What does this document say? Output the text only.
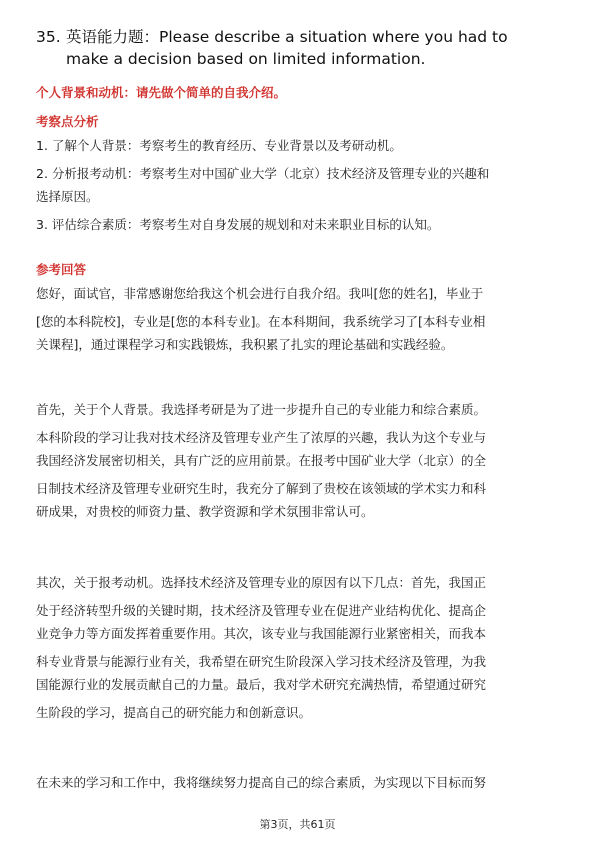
35. 英语能力题：Please describe a situation where you had to
make a decision based on limited information.
个人背景和动机：请先做个简单的自我介绍。
考察点分析
1. 了解个人背景：考察考生的教育经历、专业背景以及考研动机。
2. 分析报考动机：考察考生对中国矿业大学（北京）技术经济及管理专业的兴趣和
选择原因。
3. 评估综合素质：考察考生对自身发展的规划和对未来职业目标的认知。
参考回答
您好，面试官，非常感谢您给我这个机会进行自我介绍。我叫[您的姓名]，毕业于
[您的本科院校]，专业是[您的本科专业]。在本科期间，我系统学习了[本科专业相
关课程]，通过课程学习和实践锻炼，我积累了扎实的理论基础和实践经验。
首先，关于个人背景。我选择考研是为了进一步提升自己的专业能力和综合素质。
本科阶段的学习让我对技术经济及管理专业产生了浓厚的兴趣，我认为这个专业与
我国经济发展密切相关，具有广泛的应用前景。在报考中国矿业大学（北京）的全
日制技术经济及管理专业研究生时，我充分了解到了贵校在该领域的学术实力和科
研成果，对贵校的师资力量、教学资源和学术氛围非常认可。
其次，关于报考动机。选择技术经济及管理专业的原因有以下几点：首先，我国正
处于经济转型升级的关键时期，技术经济及管理专业在促进产业结构优化、提高企
业竞争力等方面发挥着重要作用。其次，该专业与我国能源行业紧密相关，而我本
科专业背景与能源行业有关，我希望在研究生阶段深入学习技术经济及管理，为我
国能源行业的发展贡献自己的力量。最后，我对学术研究充满热情，希望通过研究
生阶段的学习，提高自己的研究能力和创新意识。
在未来的学习和工作中，我将继续努力提高自己的综合素质，为实现以下目标而努
第3页，共61页
